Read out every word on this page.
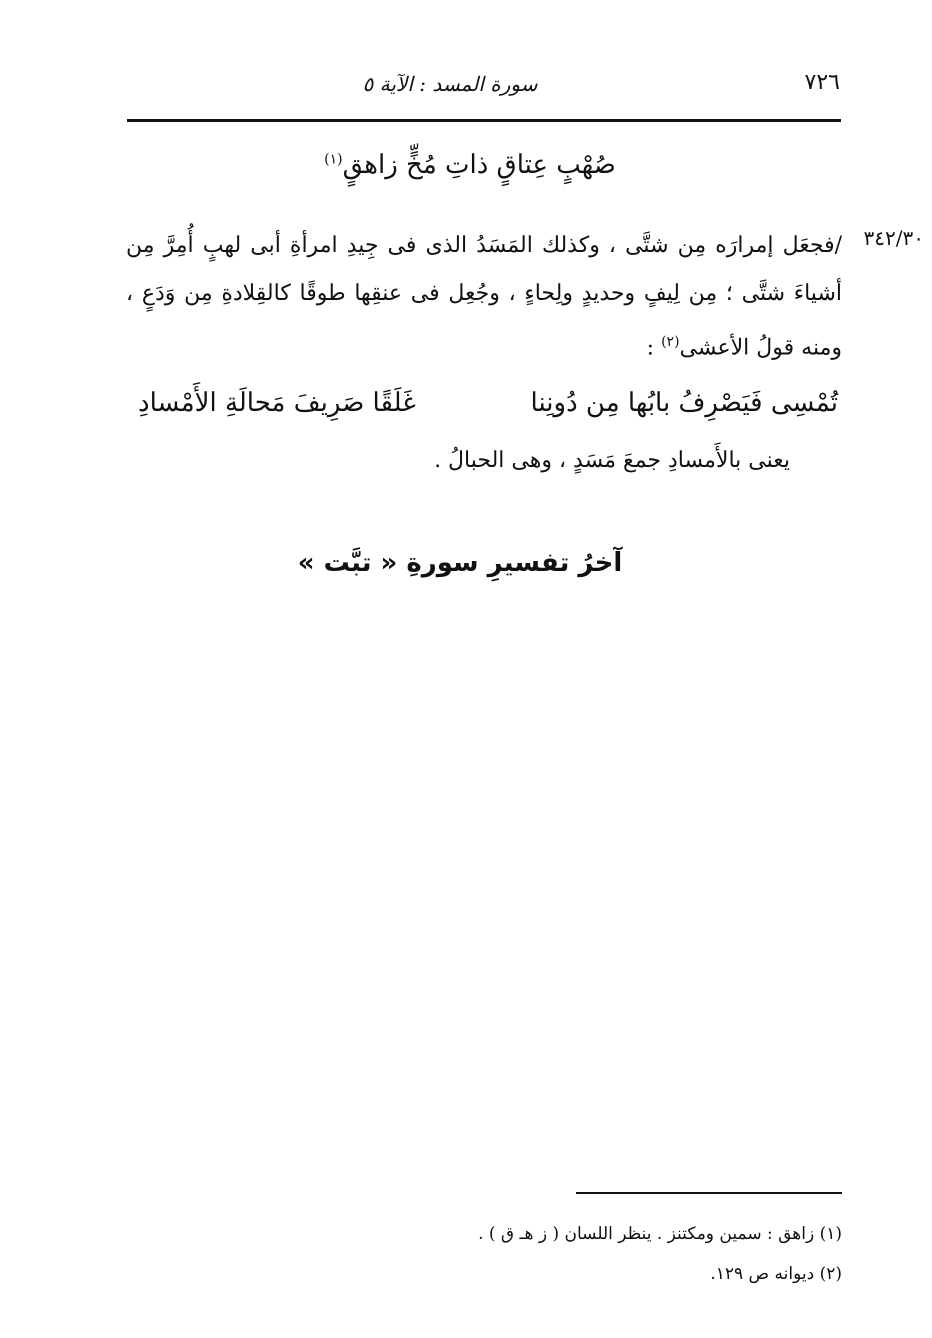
٧٢٦
سورة المسد : الآية ٥
صُهْبٍ عِتاقٍ ذاتِ مُخٍّ زاهقٍ$^{(١)}$
٣٤٢/٣٠
/فجعَل إمرارَه مِن شتَّى ، وكذلك المَسَدُ الذى فى جِيدِ امرأةِ أبى لهبٍ أُمِرَّ مِن أشياءَ شتَّى ؛ مِن لِيفٍ وحديدٍ ولِحاءٍ ، وجُعِل فى عنقِها طوقًا كالقِلادةِ مِن وَدَعٍ ، ومنه قولُ الأعشى$^{(٢)}$ :
تُمْسِى فَيَصْرِفُ بابُها مِن دُونِنا
غَلَقًا صَرِيفَ مَحالَةِ الأَمْسادِ
يعنى بالأَمسادِ جمعَ مَسَدٍ ، وهى الحبالُ .
آخرُ تفسيرِ سورةِ « تبَّت »
(١) زاهق : سمين ومكتنز . ينظر اللسان ( ز هـ ق ) .
(٢) ديوانه ص ١٢٩.
